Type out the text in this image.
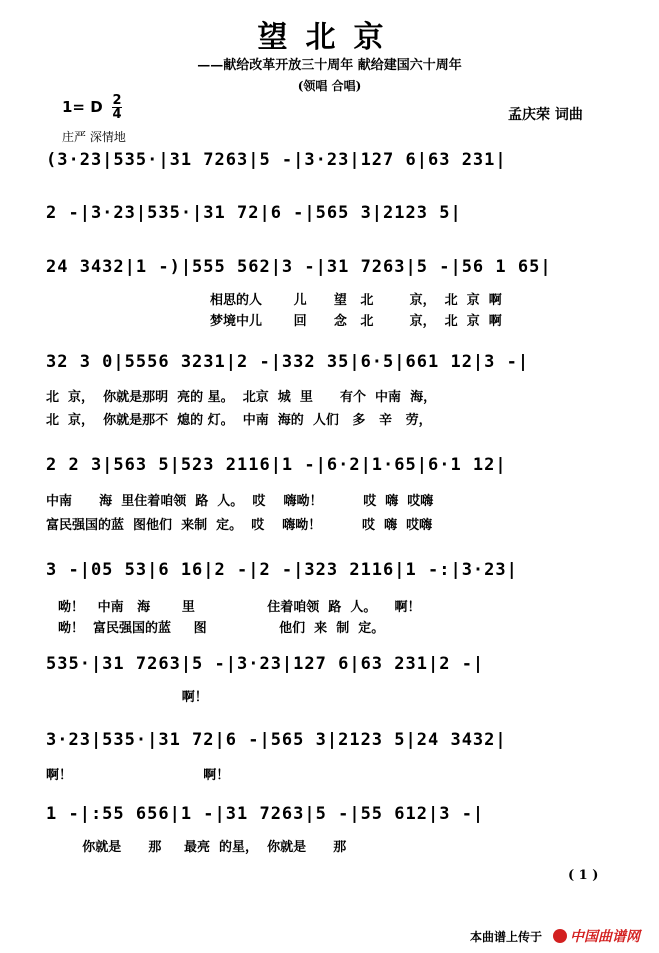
望北京
——献给改革开放三十周年 献给建国六十周年
(领唱 合唱)
1= D 2
4	孟庆荣 词曲
庄严 深情地
(3·23|535·|31 7263|5 -|3·23|127 6|63 231|
2 -|3·23|535·|31 72|6 -|565 3|2123 5|
24 3432|1 -)|555 562|3 -|31 7263|5 -|56 1 65|
相思的人       儿      望   北        京，  北  京  啊
梦境中儿       回      念   北        京，  北  京  啊
32 3 0|5556 3231|2 -|332 35|6·5|661 12|3 -|
北  京，  你就是那明  亮的 星。  北京  城  里      有个  中南  海，
北  京，  你就是那不  熄的 灯。  中南  海的  人们   多   辛   劳，
2 2 3|563 5|523 2116|1 -|6·2|1·65|6·1 12|
中南      海  里住着咱领  路  人。  哎    嗨呦！         哎  嗨  哎嗨
富民强国的蓝  图他们  来制  定。  哎    嗨呦！         哎  嗨  哎嗨
3 -|05 53|6 16|2 -|2 -|323 2116|1 -:|3·23|
呦！   中南   海       里                住着咱领  路  人。    啊！
呦！  富民强国的蓝     图                他们  来  制  定。
535·|31 7263|5 -|3·23|127 6|63 231|2 -|
啊！
3·23|535·|31 72|6 -|565 3|2123 5|24 3432|
啊！                             啊！
1 -|:55 656|1 -|31 7263|5 -|55 612|3 -|
你就是      那     最亮  的星，  你就是      那
( 1 )
本曲谱上传于 中国曲谱网
